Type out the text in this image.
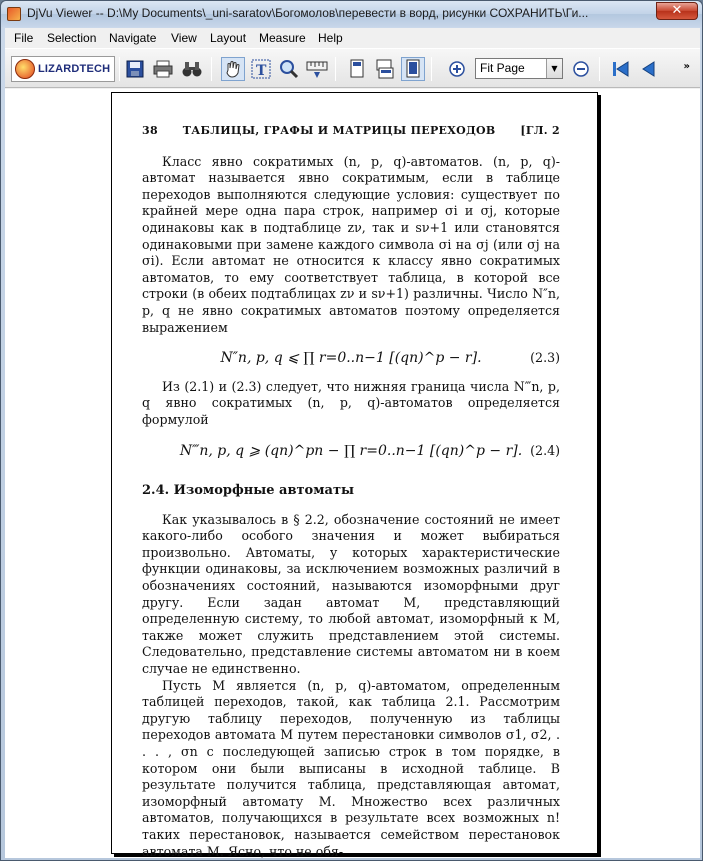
DjVu Viewer -- D:\My Documents\_uni-saratov\Богомолов\перевести в ворд, рисунки СОХРАНИТЬ\Ги...	✕
File Selection Navigate View Layout Measure Help
LIZARDTECH	T	Fit Page	▼	»
38 ТАБЛИЦЫ, ГРАФЫ И МАТРИЦЫ ПЕРЕХОДОВ [ГЛ. 2

Класс явно сократимых (n, p, q)-автоматов. (n, p, q)-автомат называется явно сократимым, если в таблице переходов выполняются следующие условия: существует по крайней мере одна пара строк, например σi и σj, которые одинаковы как в подтаблице zν, так и sν+1 или становятся одинаковыми при замене каждого символа σi на σj (или σj на σi). Если автомат не относится к классу явно сократимых автоматов, то ему соответствует таблица, в которой все строки (в обеих подтаблицах zν и sν+1) различны. Число N″n, p, q не явно сократимых автоматов поэтому определяется выражением

N″n, p, q ⩽ ∏ r=0..n−1 [(qn)^p − r].	(2.3)

Из (2.1) и (2.3) следует, что нижняя граница числа N‴n, p, q явно сократимых (n, p, q)-автоматов определяется формулой

N‴n, p, q ⩾ (qn)^pn − ∏ r=0..n−1 [(qn)^p − r]. (2.4)
2.4. Изоморфные автоматы

Как указывалось в § 2.2, обозначение состояний не имеет какого-либо особого значения и может выбираться произвольно. Автоматы, у которых характеристические функции одинаковы, за исключением возможных различий в обозначениях состояний, называются изоморфными друг другу. Если задан автомат M, представляющий определенную систему, то любой автомат, изоморфный к M, также может служить представлением этой системы. Следовательно, представление системы автоматом ни в коем случае не единственно.

Пусть M является (n, p, q)-автоматом, определенным таблицей переходов, такой, как таблица 2.1. Рассмотрим другую таблицу переходов, полученную из таблицы переходов автомата M путем перестановки символов σ1, σ2, . . . , σn с последующей записью строк в том порядке, в котором они были выписаны в исходной таблице. В результате получится таблица, представляющая автомат, изоморфный автомату M. Множество всех различных автоматов, получающихся в результате всех возможных n! таких перестановок, называется семейством перестановок автомата M. Ясно, что не обя-
